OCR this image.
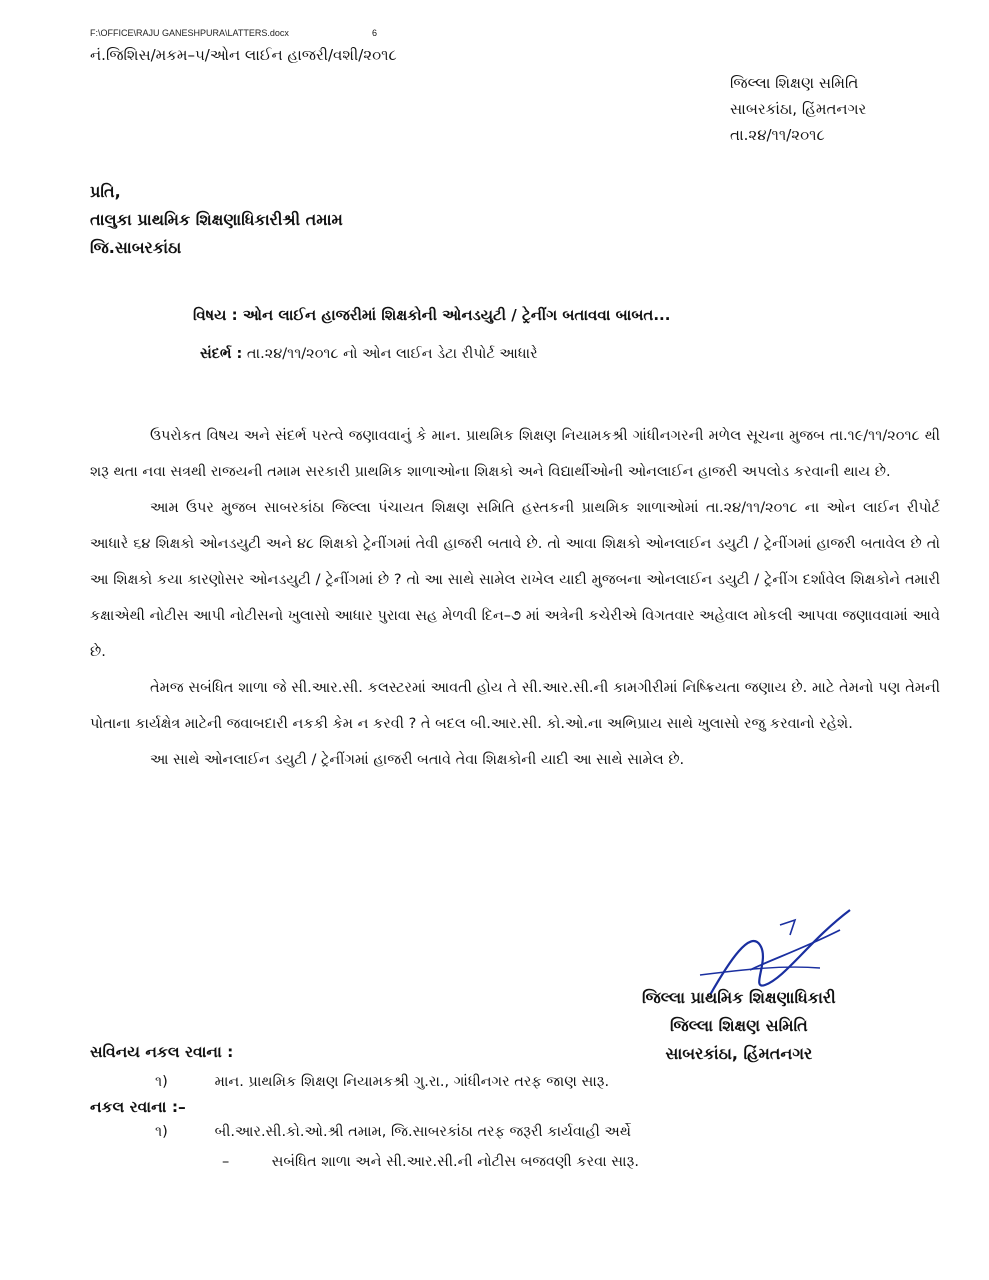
F:\OFFICE\RAJU GANESHPURA\LATTERS.docx	6
નં.જિશિસ/મકમ–૫/ઓન લાઈન હાજરી/વશી/૨૦૧૮
જિલ્લા શિક્ષણ સમિતિ
સાબરકાંઠા, હિંમતનગર
તા.૨૪/૧૧/૨૦૧૮
પ્રતિ,
તાલુકા પ્રાથમિક શિક્ષણાધિકારીશ્રી તમામ
જિ.સાબરકાંઠા
વિષય : ઓન લાઈન હાજરીમાં શિક્ષકોની ઓનડયુટી / ટ્રેનીંગ બતાવવા બાબત...
સંદર્ભ : તા.૨૪/૧૧/૨૦૧૮ નો ઓન લાઈન ડેટા રીપોર્ટ આધારે

ઉપરોકત વિષય અને સંદર્ભ પરત્વે જણાવવાનું કે માન. પ્રાથમિક શિક્ષણ નિયામકશ્રી ગાંધીનગરની મળેલ સૂચના મુજબ તા.૧૯/૧૧/૨૦૧૮ થી શરૂ થતા નવા સત્રથી રાજયની તમામ સરકારી પ્રાથમિક શાળાઓના શિક્ષકો અને વિદ્યાર્થીઓની ઓનલાઈન હાજરી અપલોડ કરવાની થાય છે.

આમ ઉપર મુજબ સાબરકાંઠા જિલ્લા પંચાયત શિક્ષણ સમિતિ હસ્તકની પ્રાથમિક શાળાઓમાં તા.૨૪/૧૧/૨૦૧૮ ના ઓન લાઈન રીપોર્ટ આધારે ૬૪ શિક્ષકો ઓનડયુટી અને ૪૮ શિક્ષકો ટ્રેનીંગમાં તેવી હાજરી બતાવે છે. તો આવા શિક્ષકો ઓનલાઈન ડયુટી / ટ્રેનીંગમાં હાજરી બતાવેલ છે તો આ શિક્ષકો કયા કારણોસર ઓનડયુટી / ટ્રેનીંગમાં છે ? તો આ સાથે સામેલ રાખેલ યાદી મુજબના ઓનલાઈન ડયુટી / ટ્રેનીંગ દર્શાવેલ શિક્ષકોને તમારી કક્ષાએથી નોટીસ આપી નોટીસનો ખુલાસો આધાર પુરાવા સહ મેળવી દિન–૭ માં અત્રેની કચેરીએ વિગતવાર અહેવાલ મોકલી આપવા જણાવવામાં આવે છે.

તેમજ સબંધિત શાળા જે સી.આર.સી. કલસ્ટરમાં આવતી હોય તે સી.આર.સી.ની કામગીરીમાં નિષ્ક્રિયતા જણાય છે. માટે તેમનો પણ તેમની પોતાના કાર્યક્ષેત્ર માટેની જવાબદારી નકકી કેમ ન કરવી ? તે બદલ બી.આર.સી. કો.ઓ.ના અભિપ્રાય સાથે ખુલાસો રજુ કરવાનો રહેશે.

આ સાથે ઓનલાઈન ડયુટી / ટ્રેનીંગમાં હાજરી બતાવે તેવા શિક્ષકોની યાદી આ સાથે સામેલ છે.

જિલ્લા પ્રાથમિક શિક્ષણાધિકારી
જિલ્લા શિક્ષણ સમિતિ
સાબરકાંઠા, હિંમતનગર
સવિનય નકલ રવાના :
૧)	માન. પ્રાથમિક શિક્ષણ નિયામકશ્રી ગુ.રા., ગાંધીનગર તરફ જાણ સારૂ.
નકલ રવાના :–
૧)	બી.આર.સી.કો.ઓ.શ્રી તમામ, જિ.સાબરકાંઠા તરફ જરૂરી કાર્યવાહી અર્થે
–	સબંધિત શાળા અને સી.આર.સી.ની નોટીસ બજવણી કરવા સારૂ.
